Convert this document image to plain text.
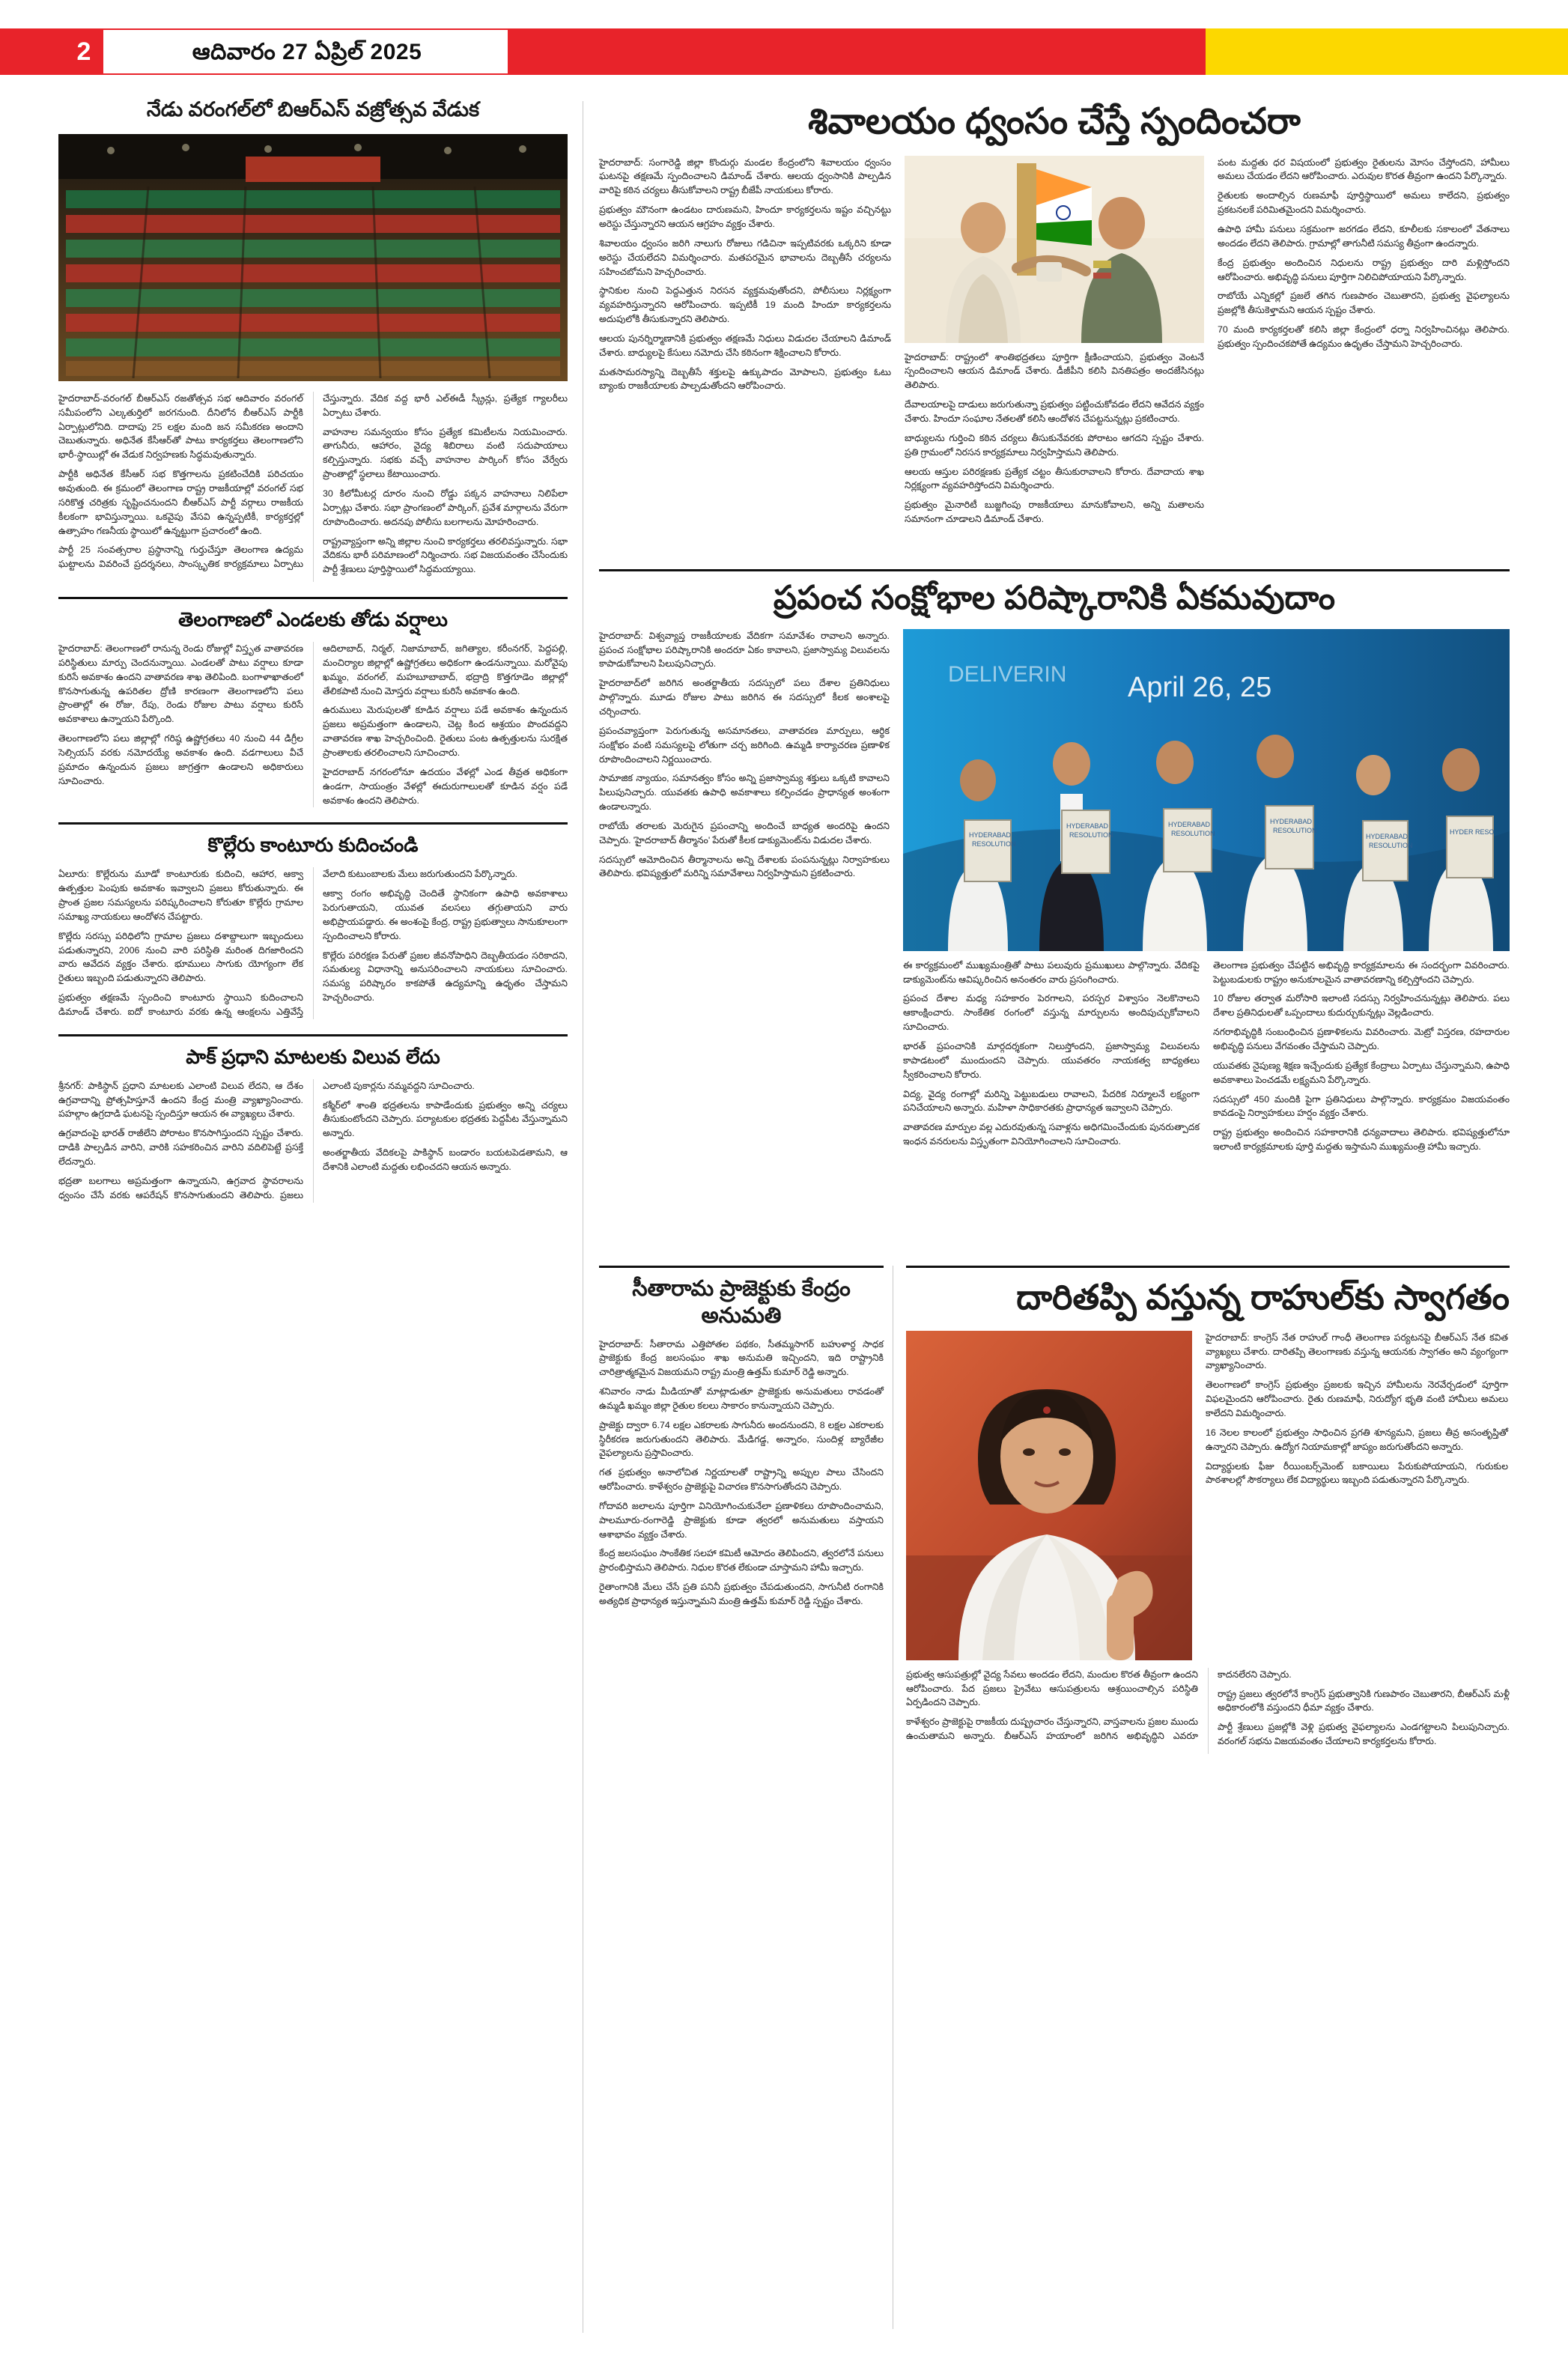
2	ఆదివారం 27 ఏప్రిల్ 2025
నేడు వరంగల్‌లో బిఆర్‌ఎస్ వజ్రోత్సవ వేడుక

హైదరాబాద్-వరంగల్ బీఆర్ఎస్ రజతోత్సవ సభ ఆదివారం వరంగల్ సమీపంలోని ఎల్కతుర్తిలో జరగనుంది. దీనిలోన బీఆర్ఎస్ పార్టీకి ఏర్పాట్లులోనిది. దాదాపు 25 లక్షల మంది జన సమీకరణ అందాని చెబుతున్నారు. అధినేత కేసీఆర్‌తో పాటు కార్యకర్తలు తెలంగాణలోని భారీ-స్థాయిల్లో ఈ వేడుక నిర్వహణకు సిద్ధమవుతున్నారు.

పార్టీకి అధినేత కేసీఆర్ సభ కొత్తగాలను ప్రకటించేదికి పరిచయం అవుతుంది. ఈ క్రమంలో తెలంగాణ రాష్ట్ర రాజకీయాల్లో వరంగల్ సభ సరికొత్త చరిత్రకు సృష్టించనుందని బీఆర్ఎస్ పార్టీ వర్గాలు రాజకీయ కీలకంగా భావిస్తున్నాయి. ఒకవైపు వేసవి ఉన్నప్పటికీ, కార్యకర్తల్లో ఉత్సాహం గణనీయ స్థాయిలో ఉన్నట్టుగా ప్రచారంలో ఉంది.

పార్టీ 25 సంవత్సరాల ప్రస్థానాన్ని గుర్తుచేస్తూ తెలంగాణ ఉద్యమ ఘట్టాలను వివరించే ప్రదర్శనలు, సాంస్కృతిక కార్యక్రమాలు ఏర్పాటు చేస్తున్నారు. వేదిక వద్ద భారీ ఎల్ఈడీ స్క్రీన్లు, ప్రత్యేక గ్యాలరీలు ఏర్పాటు చేశారు.

వాహనాల సమన్వయం కోసం ప్రత్యేక కమిటీలను నియమించారు. తాగునీరు, ఆహారం, వైద్య శిబిరాలు వంటి సదుపాయాలు కల్పిస్తున్నారు. సభకు వచ్చే వాహనాల పార్కింగ్ కోసం వేర్వేరు ప్రాంతాల్లో స్థలాలు కేటాయించారు.

30 కిలోమీటర్ల దూరం నుంచి రోడ్డు పక్కన వాహనాలు నిలిపేలా ఏర్పాట్లు చేశారు. సభా ప్రాంగణంలో పార్కింగ్, ప్రవేశ మార్గాలను వేరుగా రూపొందించారు. అదనపు పోలీసు బలగాలను మోహరించారు.

రాష్ట్రవ్యాప్తంగా అన్ని జిల్లాల నుంచి కార్యకర్తలు తరలివస్తున్నారు. సభా వేదికను భారీ పరిమాణంలో నిర్మించారు. సభ విజయవంతం చేసేందుకు పార్టీ శ్రేణులు పూర్తిస్థాయిలో సిద్ధమయ్యాయి.

తెలంగాణలో ఎండలకు తోడు వర్షాలు

హైదరాబాద్: తెలంగాణలో రానున్న రెండు రోజుల్లో విస్తృత వాతావరణ పరిస్థితులు మార్పు చెందనున్నాయి. ఎండలతో పాటు వర్షాలు కూడా కురిసే అవకాశం ఉందని వాతావరణ శాఖ తెలిపింది. బంగాళాఖాతంలో కొనసాగుతున్న ఉపరితల ద్రోణి కారణంగా తెలంగాణలోని పలు ప్రాంతాల్లో ఈ రోజు, రేపు, రెండు రోజుల పాటు వర్షాలు కురిసే అవకాశాలు ఉన్నాయని పేర్కొంది.

తెలంగాణలోని పలు జిల్లాల్లో గరిష్ఠ ఉష్ణోగ్రతలు 40 నుంచి 44 డిగ్రీల సెల్సియస్ వరకు నమోదయ్యే అవకాశం ఉంది. వడగాలులు వీచే ప్రమాదం ఉన్నందున ప్రజలు జాగ్రత్తగా ఉండాలని అధికారులు సూచించారు.

ఆదిలాబాద్, నిర్మల్, నిజామాబాద్, జగిత్యాల, కరీంనగర్, పెద్దపల్లి, మంచిర్యాల జిల్లాల్లో ఉష్ణోగ్రతలు అధికంగా ఉండనున్నాయి. మరోవైపు ఖమ్మం, వరంగల్, మహబూబాబాద్, భద్రాద్రి కొత్తగూడెం జిల్లాల్లో తేలికపాటి నుంచి మోస్తరు వర్షాలు కురిసే అవకాశం ఉంది.

ఉరుములు మెరుపులతో కూడిన వర్షాలు పడే అవకాశం ఉన్నందున ప్రజలు అప్రమత్తంగా ఉండాలని, చెట్ల కింద ఆశ్రయం పొందవద్దని వాతావరణ శాఖ హెచ్చరించింది. రైతులు పంట ఉత్పత్తులను సురక్షిత ప్రాంతాలకు తరలించాలని సూచించారు.

హైదరాబాద్ నగరంలోనూ ఉదయం వేళల్లో ఎండ తీవ్రత అధికంగా ఉండగా, సాయంత్రం వేళల్లో ఈదురుగాలులతో కూడిన వర్షం పడే అవకాశం ఉందని తెలిపారు.

కొల్లేరు కాంటూరు కుదించండి

ఏలూరు: కొల్లేరును మూడో కాంటూరుకు కుదించి, ఆహార, ఆక్వా ఉత్పత్తుల పెంపుకు అవకాశం ఇవ్వాలని ప్రజలు కోరుతున్నారు. ఈ ప్రాంత ప్రజల సమస్యలను పరిష్కరించాలని కోరుతూ కొల్లేరు గ్రామాల సమాఖ్య నాయకులు ఆందోళన చేపట్టారు.

కొల్లేరు సరస్సు పరిధిలోని గ్రామాల ప్రజలు దశాబ్దాలుగా ఇబ్బందులు పడుతున్నారని, 2006 నుంచి వారి పరిస్థితి మరింత దిగజారిందని వారు ఆవేదన వ్యక్తం చేశారు. భూములు సాగుకు యోగ్యంగా లేక రైతులు ఇబ్బంది పడుతున్నారని తెలిపారు.

ప్రభుత్వం తక్షణమే స్పందించి కాంటూరు స్థాయిని కుదించాలని డిమాండ్ చేశారు. ఐదో కాంటూరు వరకు ఉన్న ఆంక్షలను ఎత్తివేస్తే వేలాది కుటుంబాలకు మేలు జరుగుతుందని పేర్కొన్నారు.

ఆక్వా రంగం అభివృద్ధి చెందితే స్థానికంగా ఉపాధి అవకాశాలు పెరుగుతాయని, యువత వలసలు తగ్గుతాయని వారు అభిప్రాయపడ్డారు. ఈ అంశంపై కేంద్ర, రాష్ట్ర ప్రభుత్వాలు సానుకూలంగా స్పందించాలని కోరారు.

కొల్లేరు పరిరక్షణ పేరుతో ప్రజల జీవనోపాధిని దెబ్బతీయడం సరికాదని, సమతుల్య విధానాన్ని అనుసరించాలని నాయకులు సూచించారు. సమస్య పరిష్కారం కాకపోతే ఉద్యమాన్ని ఉధృతం చేస్తామని హెచ్చరించారు.

పాక్ ప్రధాని మాటలకు విలువ లేదు

శ్రీనగర్: పాకిస్థాన్ ప్రధాని మాటలకు ఎలాంటి విలువ లేదని, ఆ దేశం ఉగ్రవాదాన్ని ప్రోత్సహిస్తూనే ఉందని కేంద్ర మంత్రి వ్యాఖ్యానించారు. పహల్గాం ఉగ్రదాడి ఘటనపై స్పందిస్తూ ఆయన ఈ వ్యాఖ్యలు చేశారు.

ఉగ్రవాదంపై భారత్ రాజీలేని పోరాటం కొనసాగిస్తుందని స్పష్టం చేశారు. దాడికి పాల్పడిన వారిని, వారికి సహకరించిన వారిని వదిలిపెట్టే ప్రసక్తే లేదన్నారు.

భద్రతా బలగాలు అప్రమత్తంగా ఉన్నాయని, ఉగ్రవాద స్థావరాలను ధ్వంసం చేసే వరకు ఆపరేషన్ కొనసాగుతుందని తెలిపారు. ప్రజలు ఎలాంటి పుకార్లను నమ్మవద్దని సూచించారు.

కశ్మీర్‌లో శాంతి భద్రతలను కాపాడేందుకు ప్రభుత్వం అన్ని చర్యలు తీసుకుంటోందని చెప్పారు. పర్యాటకుల భద్రతకు పెద్దపీట వేస్తున్నామని అన్నారు.

అంతర్జాతీయ వేదికలపై పాకిస్థాన్ బండారం బయటపెడతామని, ఆ దేశానికి ఎలాంటి మద్దతు లభించదని ఆయన అన్నారు.

శివాలయం ధ్వంసం చేస్తే స్పందించరా

హైదరాబాద్: సంగారెడ్డి జిల్లా కొందుర్గు మండల కేంద్రంలోని శివాలయం ధ్వంసం ఘటనపై తక్షణమే స్పందించాలని డిమాండ్ చేశారు. ఆలయ ధ్వంసానికి పాల్పడిన వారిపై కఠిన చర్యలు తీసుకోవాలని రాష్ట్ర బీజేపీ నాయకులు కోరారు.

ప్రభుత్వం మౌనంగా ఉండటం దారుణమని, హిందూ కార్యకర్తలను ఇష్టం వచ్చినట్టు అరెస్టు చేస్తున్నారని ఆయన ఆగ్రహం వ్యక్తం చేశారు.

శివాలయం ధ్వంసం జరిగి నాలుగు రోజులు గడిచినా ఇప్పటివరకు ఒక్కరిని కూడా అరెస్టు చేయలేదని విమర్శించారు. మతపరమైన భావాలను దెబ్బతీసే చర్యలను సహించబోమని హెచ్చరించారు.

స్థానికుల నుంచి పెద్దఎత్తున నిరసన వ్యక్తమవుతోందని, పోలీసులు నిర్లక్ష్యంగా వ్యవహరిస్తున్నారని ఆరోపించారు. ఇప్పటికీ 19 మంది హిందూ కార్యకర్తలను అదుపులోకి తీసుకున్నారని తెలిపారు.

ఆలయ పునర్నిర్మాణానికి ప్రభుత్వం తక్షణమే నిధులు విడుదల చేయాలని డిమాండ్ చేశారు. బాధ్యులపై కేసులు నమోదు చేసి కఠినంగా శిక్షించాలని కోరారు.

మతసామరస్యాన్ని దెబ్బతీసే శక్తులపై ఉక్కుపాదం మోపాలని, ప్రభుత్వం ఓటు బ్యాంకు రాజకీయాలకు పాల్పడుతోందని ఆరోపించారు.

హైదరాబాద్: రాష్ట్రంలో శాంతిభద్రతలు పూర్తిగా క్షీణించాయని, ప్రభుత్వం వెంటనే స్పందించాలని ఆయన డిమాండ్ చేశారు. డీజీపీని కలిసి వినతిపత్రం అందజేసినట్లు తెలిపారు.

దేవాలయాలపై దాడులు జరుగుతున్నా ప్రభుత్వం పట్టించుకోవడం లేదని ఆవేదన వ్యక్తం చేశారు. హిందూ సంఘాల నేతలతో కలిసి ఆందోళన చేపట్టనున్నట్లు ప్రకటించారు.

బాధ్యులను గుర్తించి కఠిన చర్యలు తీసుకునేవరకు పోరాటం ఆగదని స్పష్టం చేశారు. ప్రతి గ్రామంలో నిరసన కార్యక్రమాలు నిర్వహిస్తామని తెలిపారు.

ఆలయ ఆస్తుల పరిరక్షణకు ప్రత్యేక చట్టం తీసుకురావాలని కోరారు. దేవాదాయ శాఖ నిర్లక్ష్యంగా వ్యవహరిస్తోందని విమర్శించారు.

ప్రభుత్వం మైనారిటీ బుజ్జగింపు రాజకీయాలు మానుకోవాలని, అన్ని మతాలను సమానంగా చూడాలని డిమాండ్ చేశారు.

పంట మద్దతు ధర విషయంలో ప్రభుత్వం రైతులను మోసం చేస్తోందని, హామీలు అమలు చేయడం లేదని ఆరోపించారు. ఎరువుల కొరత తీవ్రంగా ఉందని పేర్కొన్నారు.

రైతులకు అందాల్సిన రుణమాఫీ పూర్తిస్థాయిలో అమలు కాలేదని, ప్రభుత్వం ప్రకటనలకే పరిమితమైందని విమర్శించారు.

ఉపాధి హామీ పనులు సక్రమంగా జరగడం లేదని, కూలీలకు సకాలంలో వేతనాలు అందడం లేదని తెలిపారు. గ్రామాల్లో తాగునీటి సమస్య తీవ్రంగా ఉందన్నారు.

కేంద్ర ప్రభుత్వం అందించిన నిధులను రాష్ట్ర ప్రభుత్వం దారి మళ్లిస్తోందని ఆరోపించారు. అభివృద్ధి పనులు పూర్తిగా నిలిచిపోయాయని పేర్కొన్నారు.

రాబోయే ఎన్నికల్లో ప్రజలే తగిన గుణపాఠం చెబుతారని, ప్రభుత్వ వైఫల్యాలను ప్రజల్లోకి తీసుకెళ్తామని ఆయన స్పష్టం చేశారు.

70 మంది కార్యకర్తలతో కలిసి జిల్లా కేంద్రంలో ధర్నా నిర్వహించినట్లు తెలిపారు. ప్రభుత్వం స్పందించకపోతే ఉద్యమం ఉధృతం చేస్తామని హెచ్చరించారు.

ప్రపంచ సంక్షోభాల పరిష్కారానికి ఏకమవుదాం

హైదరాబాద్: విశ్వవ్యాప్త రాజకీయాలకు వేదికగా సమావేశం రావాలని అన్నారు. ప్రపంచ సంక్షోభాల పరిష్కారానికి అందరూ ఏకం కావాలని, ప్రజాస్వామ్య విలువలను కాపాడుకోవాలని పిలుపునిచ్చారు.

హైదరాబాద్‌లో జరిగిన అంతర్జాతీయ సదస్సులో పలు దేశాల ప్రతినిధులు పాల్గొన్నారు. మూడు రోజుల పాటు జరిగిన ఈ సదస్సులో కీలక అంశాలపై చర్చించారు.

ప్రపంచవ్యాప్తంగా పెరుగుతున్న అసమానతలు, వాతావరణ మార్పులు, ఆర్థిక సంక్షోభం వంటి సమస్యలపై లోతుగా చర్చ జరిగింది. ఉమ్మడి కార్యాచరణ ప్రణాళిక రూపొందించాలని నిర్ణయించారు.

సామాజిక న్యాయం, సమానత్వం కోసం అన్ని ప్రజాస్వామ్య శక్తులు ఒక్కటి కావాలని పిలుపునిచ్చారు. యువతకు ఉపాధి అవకాశాలు కల్పించడం ప్రాధాన్యత అంశంగా ఉండాలన్నారు.

రాబోయే తరాలకు మెరుగైన ప్రపంచాన్ని అందించే బాధ్యత అందరిపై ఉందని చెప్పారు. 'హైదరాబాద్ తీర్మానం' పేరుతో కీలక డాక్యుమెంట్‌ను విడుదల చేశారు.

సదస్సులో ఆమోదించిన తీర్మానాలను అన్ని దేశాలకు పంపనున్నట్లు నిర్వాహకులు తెలిపారు. భవిష్యత్తులో మరిన్ని సమావేశాలు నిర్వహిస్తామని ప్రకటించారు.

April 26, 25
DELIVERIN
HYDERABAD
RESOLUTION
HYDERABAD
RESOLUTION
HYDERABAD
RESOLUTION
HYDERABAD
RESOLUTION
HYDERABAD
RESOLUTION
HYDER RESO

ఈ కార్యక్రమంలో ముఖ్యమంత్రితో పాటు పలువురు ప్రముఖులు పాల్గొన్నారు. వేదికపై డాక్యుమెంట్‌ను ఆవిష్కరించిన అనంతరం వారు ప్రసంగించారు.

ప్రపంచ దేశాల మధ్య సహకారం పెరగాలని, పరస్పర విశ్వాసం నెలకొనాలని ఆకాంక్షించారు. సాంకేతిక రంగంలో వస్తున్న మార్పులను అందిపుచ్చుకోవాలని సూచించారు.

భారత్ ప్రపంచానికి మార్గదర్శకంగా నిలుస్తోందని, ప్రజాస్వామ్య విలువలను కాపాడటంలో ముందుందని చెప్పారు. యువతరం నాయకత్వ బాధ్యతలు స్వీకరించాలని కోరారు.

విద్య, వైద్య రంగాల్లో మరిన్ని పెట్టుబడులు రావాలని, పేదరిక నిర్మూలనే లక్ష్యంగా పనిచేయాలని అన్నారు. మహిళా సాధికారతకు ప్రాధాన్యత ఇవ్వాలని చెప్పారు.

వాతావరణ మార్పుల వల్ల ఎదురవుతున్న సవాళ్లను అధిగమించేందుకు పునరుత్పాదక ఇంధన వనరులను విస్తృతంగా వినియోగించాలని సూచించారు.

తెలంగాణ ప్రభుత్వం చేపట్టిన అభివృద్ధి కార్యక్రమాలను ఈ సందర్భంగా వివరించారు. పెట్టుబడులకు రాష్ట్రం అనుకూలమైన వాతావరణాన్ని కల్పిస్తోందని చెప్పారు.

10 రోజుల తర్వాత మరోసారి ఇలాంటి సదస్సు నిర్వహించనున్నట్లు తెలిపారు. పలు దేశాల ప్రతినిధులతో ఒప్పందాలు కుదుర్చుకున్నట్లు వెల్లడించారు.

నగరాభివృద్ధికి సంబంధించిన ప్రణాళికలను వివరించారు. మెట్రో విస్తరణ, రహదారుల అభివృద్ధి పనులు వేగవంతం చేస్తామని చెప్పారు.

యువతకు నైపుణ్య శిక్షణ ఇచ్చేందుకు ప్రత్యేక కేంద్రాలు ఏర్పాటు చేస్తున్నామని, ఉపాధి అవకాశాలు పెంచడమే లక్ష్యమని పేర్కొన్నారు.

సదస్సులో 450 మందికి పైగా ప్రతినిధులు పాల్గొన్నారు. కార్యక్రమం విజయవంతం కావడంపై నిర్వాహకులు హర్షం వ్యక్తం చేశారు.

రాష్ట్ర ప్రభుత్వం అందించిన సహకారానికి ధన్యవాదాలు తెలిపారు. భవిష్యత్తులోనూ ఇలాంటి కార్యక్రమాలకు పూర్తి మద్దతు ఇస్తామని ముఖ్యమంత్రి హామీ ఇచ్చారు.

సీతారామ ప్రాజెక్టుకు కేంద్రం అనుమతి

హైదరాబాద్: సీతారామ ఎత్తిపోతల పథకం, సీతమ్మసాగర్ బహుళార్థ సాధక ప్రాజెక్టుకు కేంద్ర జలసంఘం శాఖ అనుమతి ఇచ్చిందని, ఇది రాష్ట్రానికి చారిత్రాత్మకమైన విజయమని రాష్ట్ర మంత్రి ఉత్తమ్ కుమార్ రెడ్డి అన్నారు.

శనివారం నాడు మీడియాతో మాట్లాడుతూ ప్రాజెక్టుకు అనుమతులు రావడంతో ఉమ్మడి ఖమ్మం జిల్లా రైతుల కలలు సాకారం కానున్నాయని చెప్పారు.

ప్రాజెక్టు ద్వారా 6.74 లక్షల ఎకరాలకు సాగునీరు అందనుందని, 8 లక్షల ఎకరాలకు స్థిరీకరణ జరుగుతుందని తెలిపారు. మేడిగడ్డ, అన్నారం, సుందిళ్ల బ్యారేజీల వైఫల్యాలను ప్రస్తావించారు.

గత ప్రభుత్వం అనాలోచిత నిర్ణయాలతో రాష్ట్రాన్ని అప్పుల పాలు చేసిందని ఆరోపించారు. కాళేశ్వరం ప్రాజెక్టుపై విచారణ కొనసాగుతోందని చెప్పారు.

గోదావరి జలాలను పూర్తిగా వినియోగించుకునేలా ప్రణాళికలు రూపొందించామని, పాలమూరు-రంగారెడ్డి ప్రాజెక్టుకు కూడా త్వరలో అనుమతులు వస్తాయని ఆశాభావం వ్యక్తం చేశారు.

కేంద్ర జలసంఘం సాంకేతిక సలహా కమిటీ ఆమోదం తెలిపిందని, త్వరలోనే పనులు ప్రారంభిస్తామని తెలిపారు. నిధుల కొరత లేకుండా చూస్తామని హామీ ఇచ్చారు.

రైతాంగానికి మేలు చేసే ప్రతి పనినీ ప్రభుత్వం చేపడుతుందని, సాగునీటి రంగానికి అత్యధిక ప్రాధాన్యత ఇస్తున్నామని మంత్రి ఉత్తమ్ కుమార్ రెడ్డి స్పష్టం చేశారు.

దారితప్పి వస్తున్న రాహుల్‌కు స్వాగతం

హైదరాబాద్: కాంగ్రెస్ నేత రాహుల్ గాంధీ తెలంగాణ పర్యటనపై బీఆర్ఎస్ నేత కవిత వ్యాఖ్యలు చేశారు. దారితప్పి తెలంగాణకు వస్తున్న ఆయనకు స్వాగతం అని వ్యంగ్యంగా వ్యాఖ్యానించారు.

తెలంగాణలో కాంగ్రెస్ ప్రభుత్వం ప్రజలకు ఇచ్చిన హామీలను నెరవేర్చడంలో పూర్తిగా విఫలమైందని ఆరోపించారు. రైతు రుణమాఫీ, నిరుద్యోగ భృతి వంటి హామీలు అమలు కాలేదని విమర్శించారు.

16 నెలల కాలంలో ప్రభుత్వం సాధించిన ప్రగతి శూన్యమని, ప్రజలు తీవ్ర అసంతృప్తితో ఉన్నారని చెప్పారు. ఉద్యోగ నియామకాల్లో జాప్యం జరుగుతోందని అన్నారు.

విద్యార్థులకు ఫీజు రీయింబర్స్‌మెంట్ బకాయిలు పేరుకుపోయాయని, గురుకుల పాఠశాలల్లో సౌకర్యాలు లేక విద్యార్థులు ఇబ్బంది పడుతున్నారని పేర్కొన్నారు.

ప్రభుత్వ ఆసుపత్రుల్లో వైద్య సేవలు అందడం లేదని, మందుల కొరత తీవ్రంగా ఉందని ఆరోపించారు. పేద ప్రజలు ప్రైవేటు ఆసుపత్రులను ఆశ్రయించాల్సిన పరిస్థితి ఏర్పడిందని చెప్పారు.

కాళేశ్వరం ప్రాజెక్టుపై రాజకీయ దుష్ప్రచారం చేస్తున్నారని, వాస్తవాలను ప్రజల ముందు ఉంచుతామని అన్నారు. బీఆర్ఎస్ హయాంలో జరిగిన అభివృద్ధిని ఎవరూ కాదనలేరని చెప్పారు.

రాష్ట్ర ప్రజలు త్వరలోనే కాంగ్రెస్ ప్రభుత్వానికి గుణపాఠం చెబుతారని, బీఆర్ఎస్ మళ్లీ అధికారంలోకి వస్తుందని ధీమా వ్యక్తం చేశారు.

పార్టీ శ్రేణులు ప్రజల్లోకి వెళ్లి ప్రభుత్వ వైఫల్యాలను ఎండగట్టాలని పిలుపునిచ్చారు. వరంగల్ సభను విజయవంతం చేయాలని కార్యకర్తలను కోరారు.
